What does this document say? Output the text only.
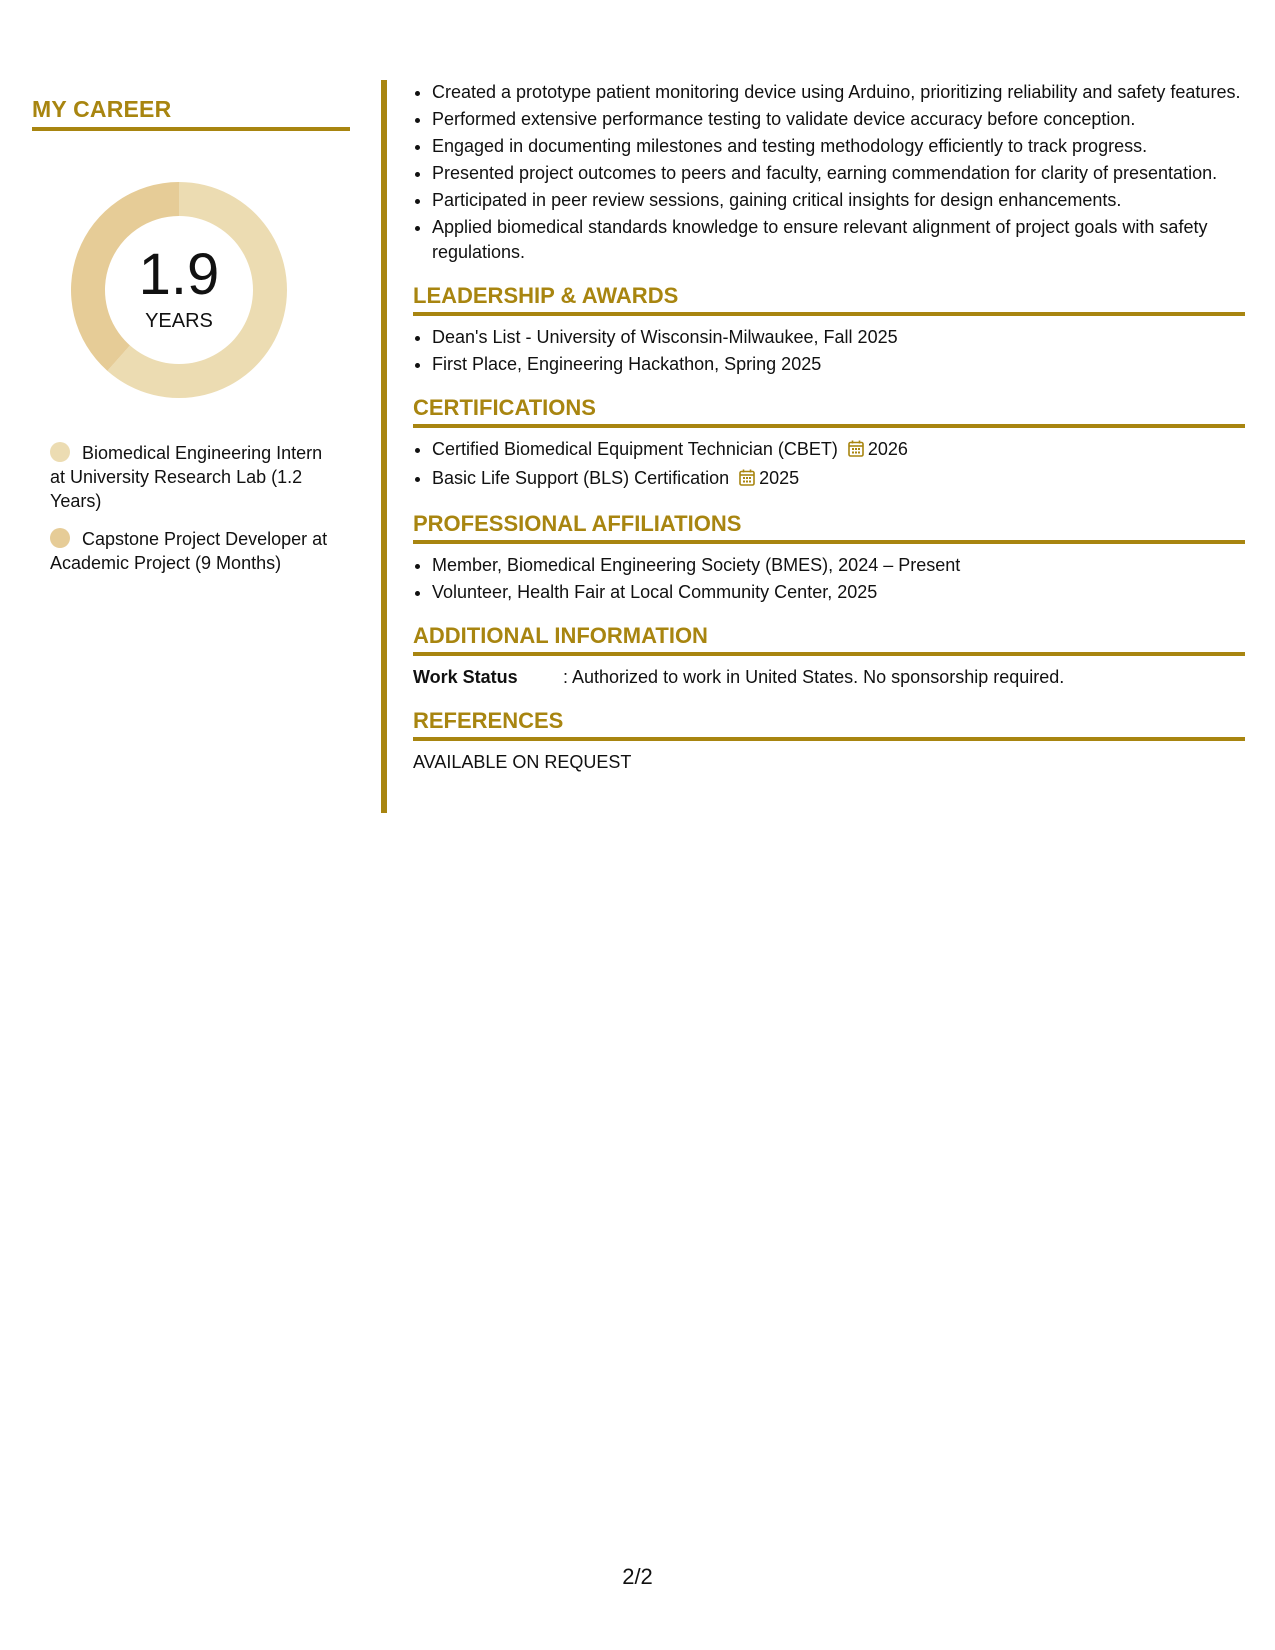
MY CAREER
1.9
YEARS
Biomedical Engineering Intern at University Research Lab (1.2 Years)
Capstone Project Developer at Academic Project (9 Months)
• Created a prototype patient monitoring device using Arduino, prioritizing reliability and safety features.
• Performed extensive performance testing to validate device accuracy before conception.
• Engaged in documenting milestones and testing methodology efficiently to track progress.
• Presented project outcomes to peers and faculty, earning commendation for clarity of presentation.
• Participated in peer review sessions, gaining critical insights for design enhancements.
• Applied biomedical standards knowledge to ensure relevant alignment of project goals with safety regulations.
LEADERSHIP & AWARDS
• Dean's List - University of Wisconsin-Milwaukee, Fall 2025
• First Place, Engineering Hackathon, Spring 2025
CERTIFICATIONS
• Certified Biomedical Equipment Technician (CBET) 2026
• Basic Life Support (BLS) Certification 2025
PROFESSIONAL AFFILIATIONS
• Member, Biomedical Engineering Society (BMES), 2024 – Present
• Volunteer, Health Fair at Local Community Center, 2025
ADDITIONAL INFORMATION
Work Status	: Authorized to work in United States. No sponsorship required.
REFERENCES
AVAILABLE ON REQUEST
2/2
